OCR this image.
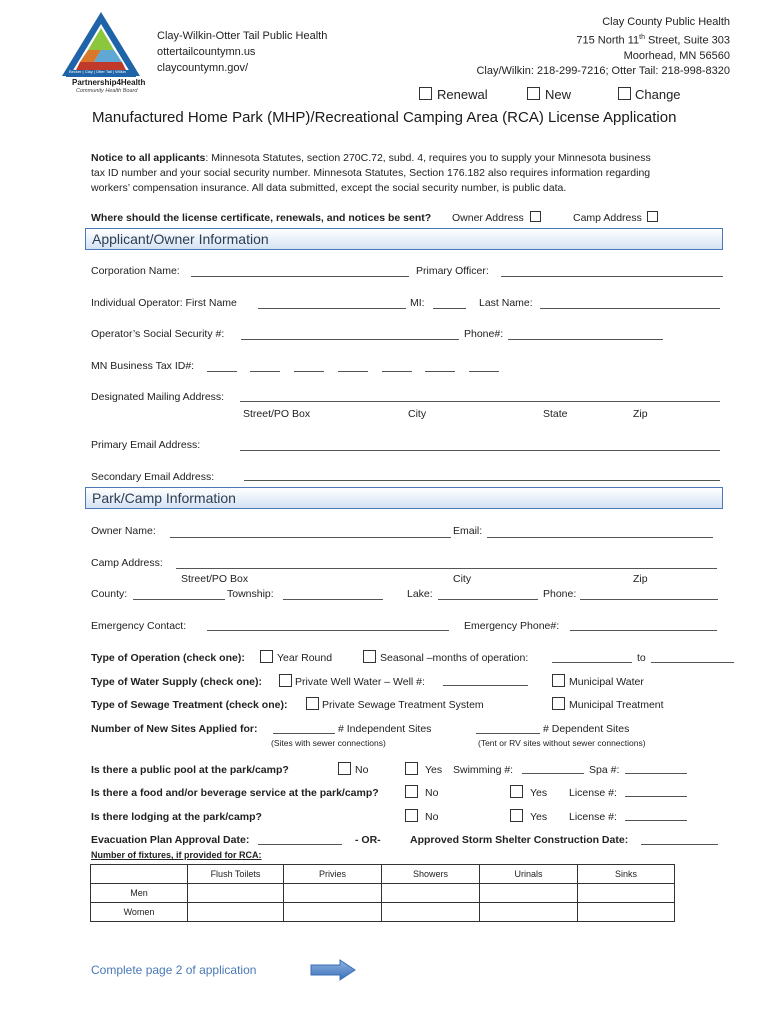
Becker | Clay | Otter Tail | Wilkin
Partnership4Health
Community Health Board
Clay-Wilkin-Otter Tail Public Health
ottertailcountymn.us
claycountymn.gov/
Clay County Public Health
715 North 11th Street, Suite 303
Moorhead, MN 56560
Clay/Wilkin: 218-299-7216; Otter Tail: 218-998-8320
Renewal	New	Change
Manufactured Home Park (MHP)/Recreational Camping Area (RCA) License Application
Notice to all applicants: Minnesota Statutes, section 270C.72, subd. 4, requires you to supply your Minnesota business
tax ID number and your social security number. Minnesota Statutes, Section 176.182 also requires information regarding
workers’ compensation insurance. All data submitted, except the social security number, is public data.
Where should the license certificate, renewals, and notices be sent? Owner Address	Camp Address
Applicant/Owner Information
Corporation Name:	Primary Officer:
Individual Operator: First Name	MI:	Last Name:
Operator’s Social Security #:	Phone#:
MN Business Tax ID#:
Designated Mailing Address:
Street/PO Box	City	State	Zip
Primary Email Address:
Secondary Email Address:
Park/Camp Information
Owner Name:	Email:
Camp Address:
Street/PO Box	City	Zip
County:	Township:	Lake:	Phone:
Emergency Contact:	Emergency Phone#:
Type of Operation (check one):	Year Round	Seasonal –months of operation:	to
Type of Water Supply (check one):	Private Well Water – Well #:	Municipal Water
Type of Sewage Treatment (check one):	Private Sewage Treatment System	Municipal Treatment
Number of New Sites Applied for:	# Independent Sites
(Sites with sewer connections)
# Dependent Sites
(Tent or RV sites without sewer connections)
Is there a public pool at the park/camp?	No	Yes Swimming #:	Spa #:
Is there a food and/or beverage service at the park/camp?	No	Yes License #:
Is there lodging at the park/camp?	No	Yes License #:
Evacuation Plan Approval Date:	- OR-	Approved Storm Shelter Construction Date:
Number of fixtures, if provided for RCA:
	Flush Toilets	Privies	Showers	Urinals	Sinks
Men					
Women					
Complete page 2 of application
